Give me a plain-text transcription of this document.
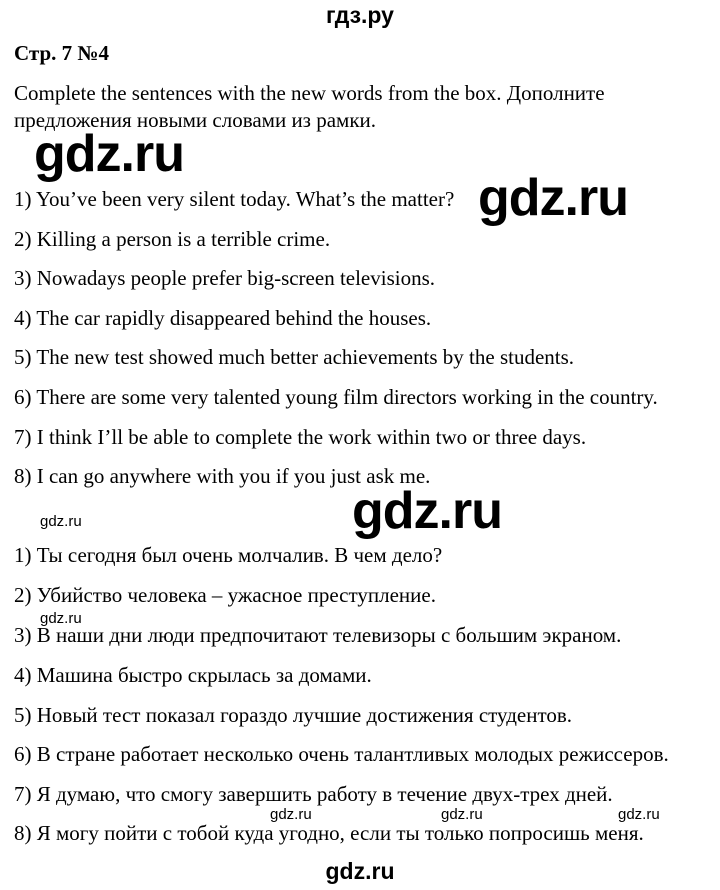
гдз.ру
Стр. 7 №4
Complete the sentences with the new words from the box. Дополните предложения новыми словами из рамки.
1) You’ve been very silent today. What’s the matter?
2) Killing a person is a terrible crime.
3) Nowadays people prefer big-screen televisions.
4) The car rapidly disappeared behind the houses.
5) The new test showed much better achievements by the students.
6) There are some very talented young film directors working in the country.
7) I think I’ll be able to complete the work within two or three days.
8) I can go anywhere with you if you just ask me.
1) Ты сегодня был очень молчалив. В чем дело?
2) Убийство человека – ужасное преступление.
3) В наши дни люди предпочитают телевизоры с большим экраном.
4) Машина быстро скрылась за домами.
5) Новый тест показал гораздо лучшие достижения студентов.
6) В стране работает несколько очень талантливых молодых режиссеров.
7) Я думаю, что смогу завершить работу в течение двух-трех дней.
8) Я могу пойти с тобой куда угодно, если ты только попросишь меня.
gdz.ru
gdz.ru
gdz.ru
gdz.ru
gdz.ru
gdz.ru	gdz.ru	gdz.ru
gdz.ru
